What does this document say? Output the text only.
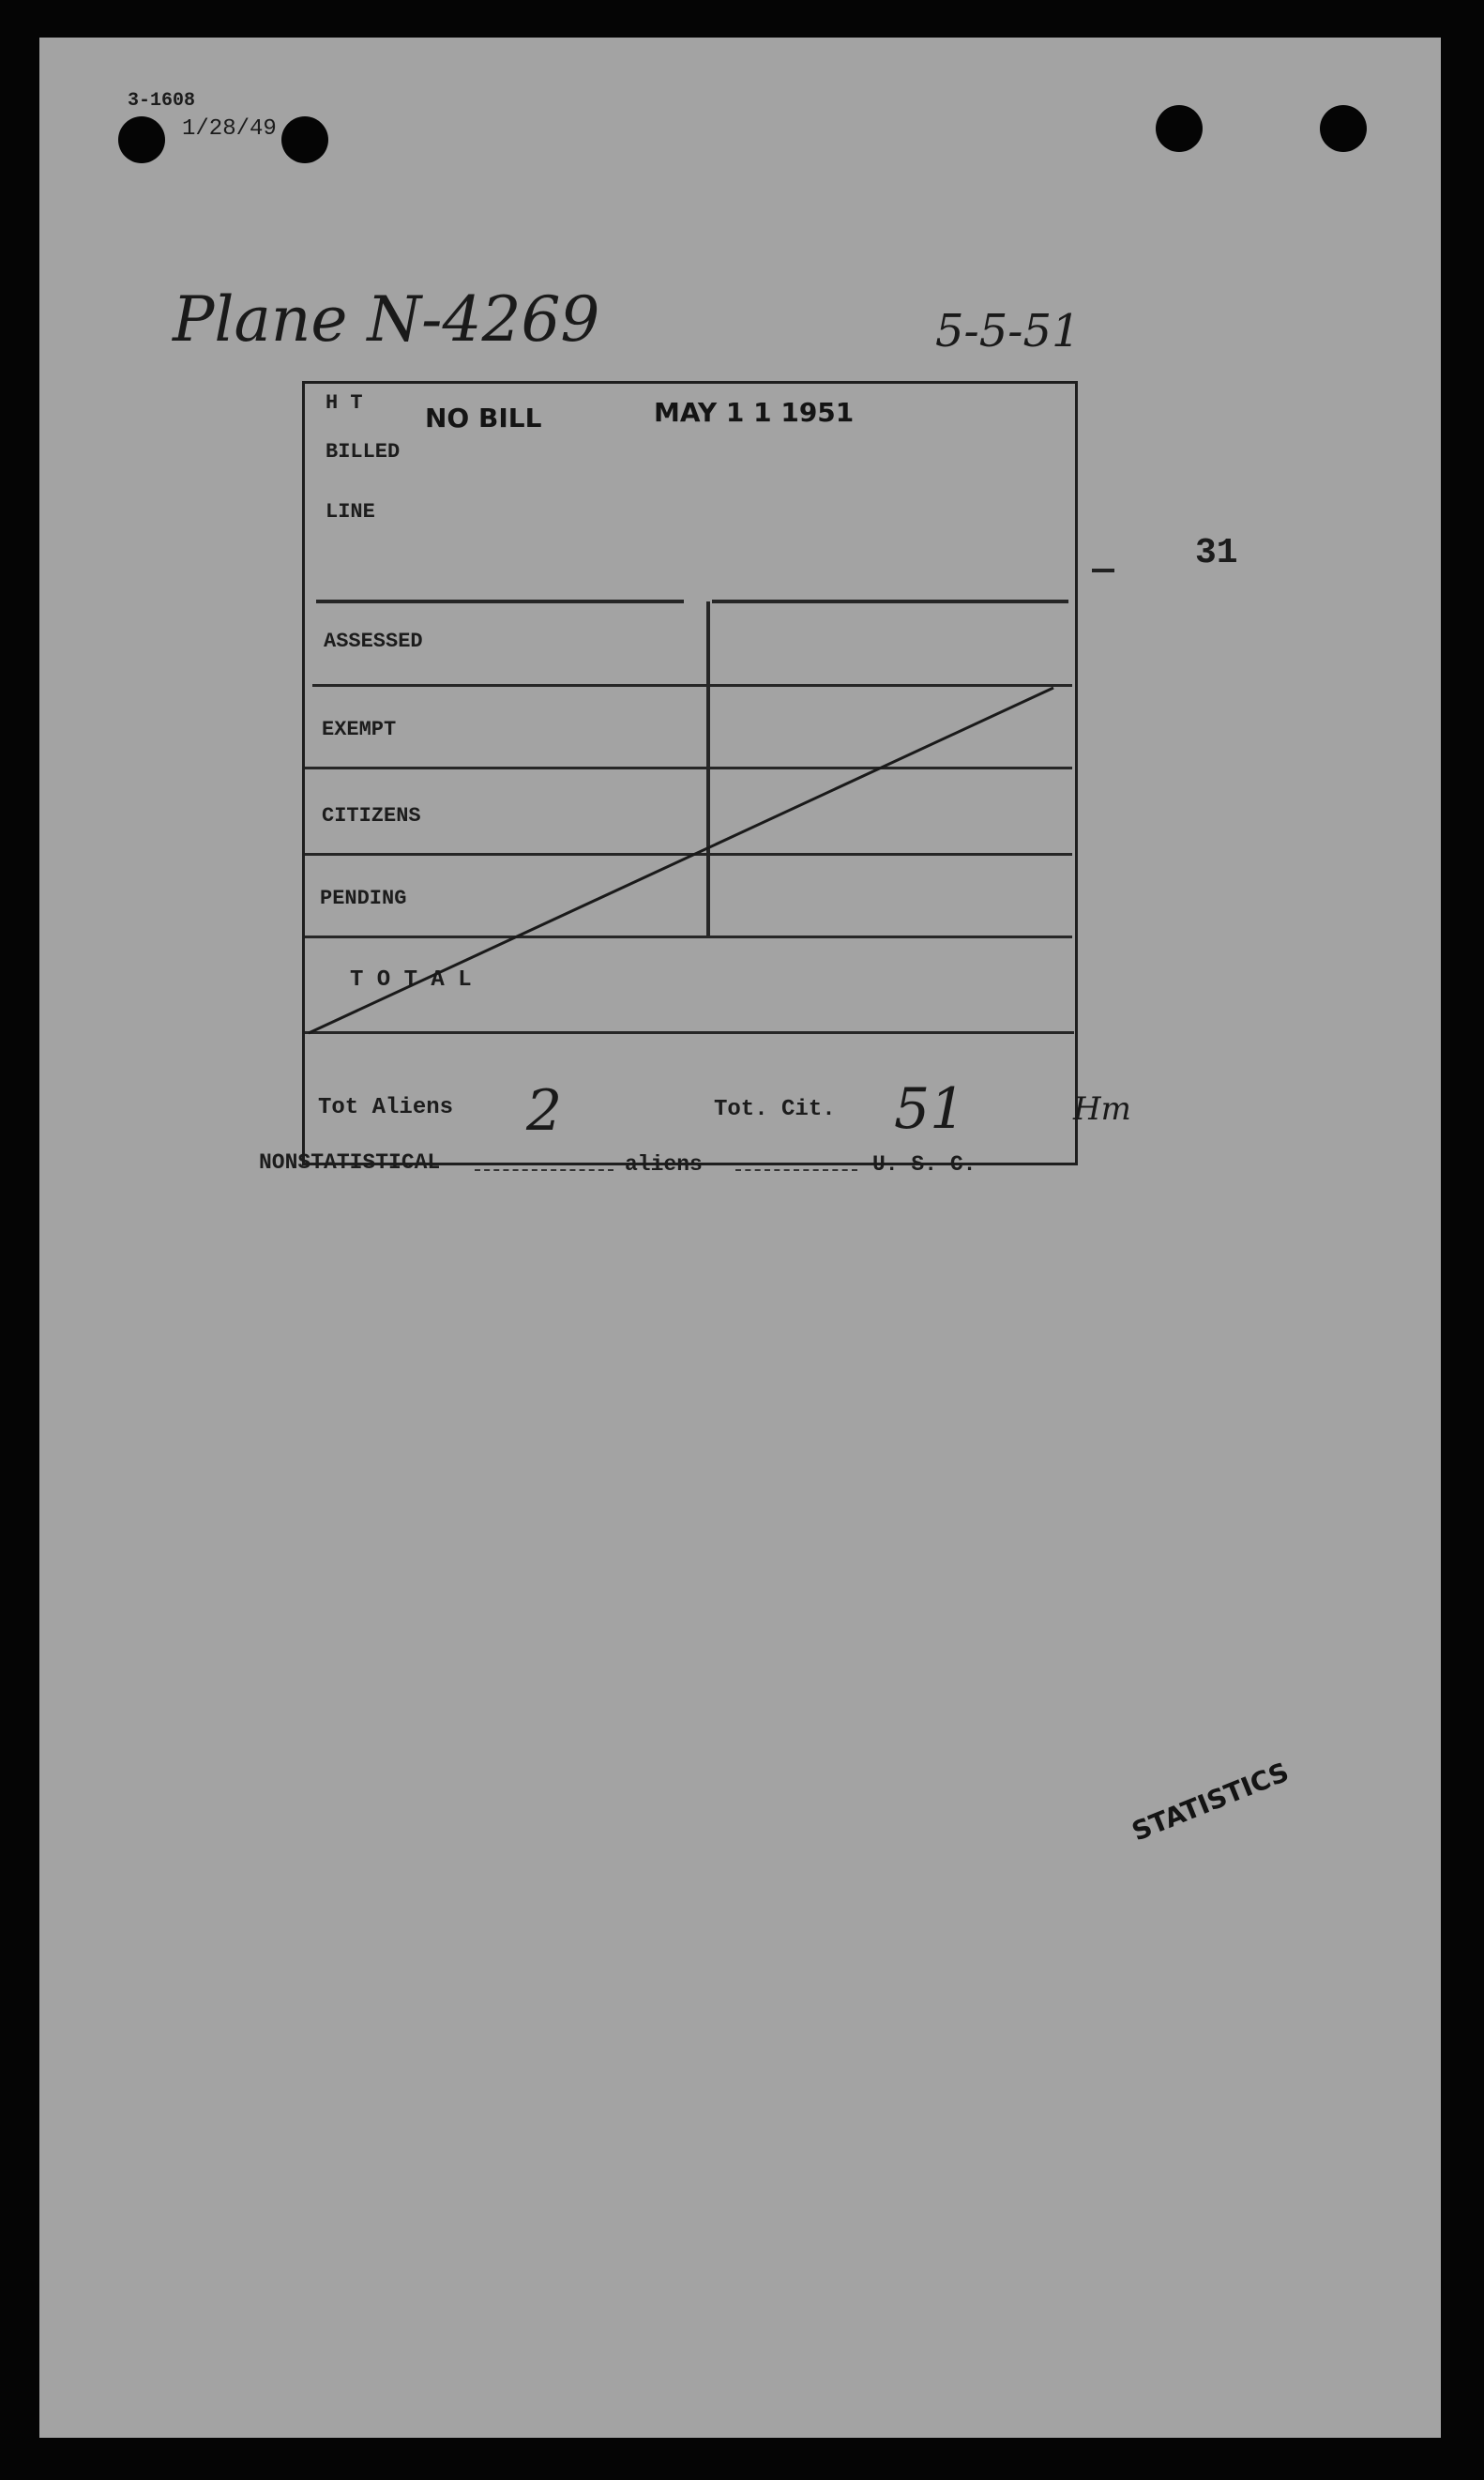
3-1608
1/28/49
Plane N-4269	5-5-51
31
H T NO BILL	MAY 1 1 1951
BILLED
LINE
ASSESSED
EXEMPT
CITIZENS
PENDING
T O T A L
Tot Aliens 2	Tot. Cit. 51	Hm
NONSTATISTICAL	aliens	U. S. C.
STATISTICS
